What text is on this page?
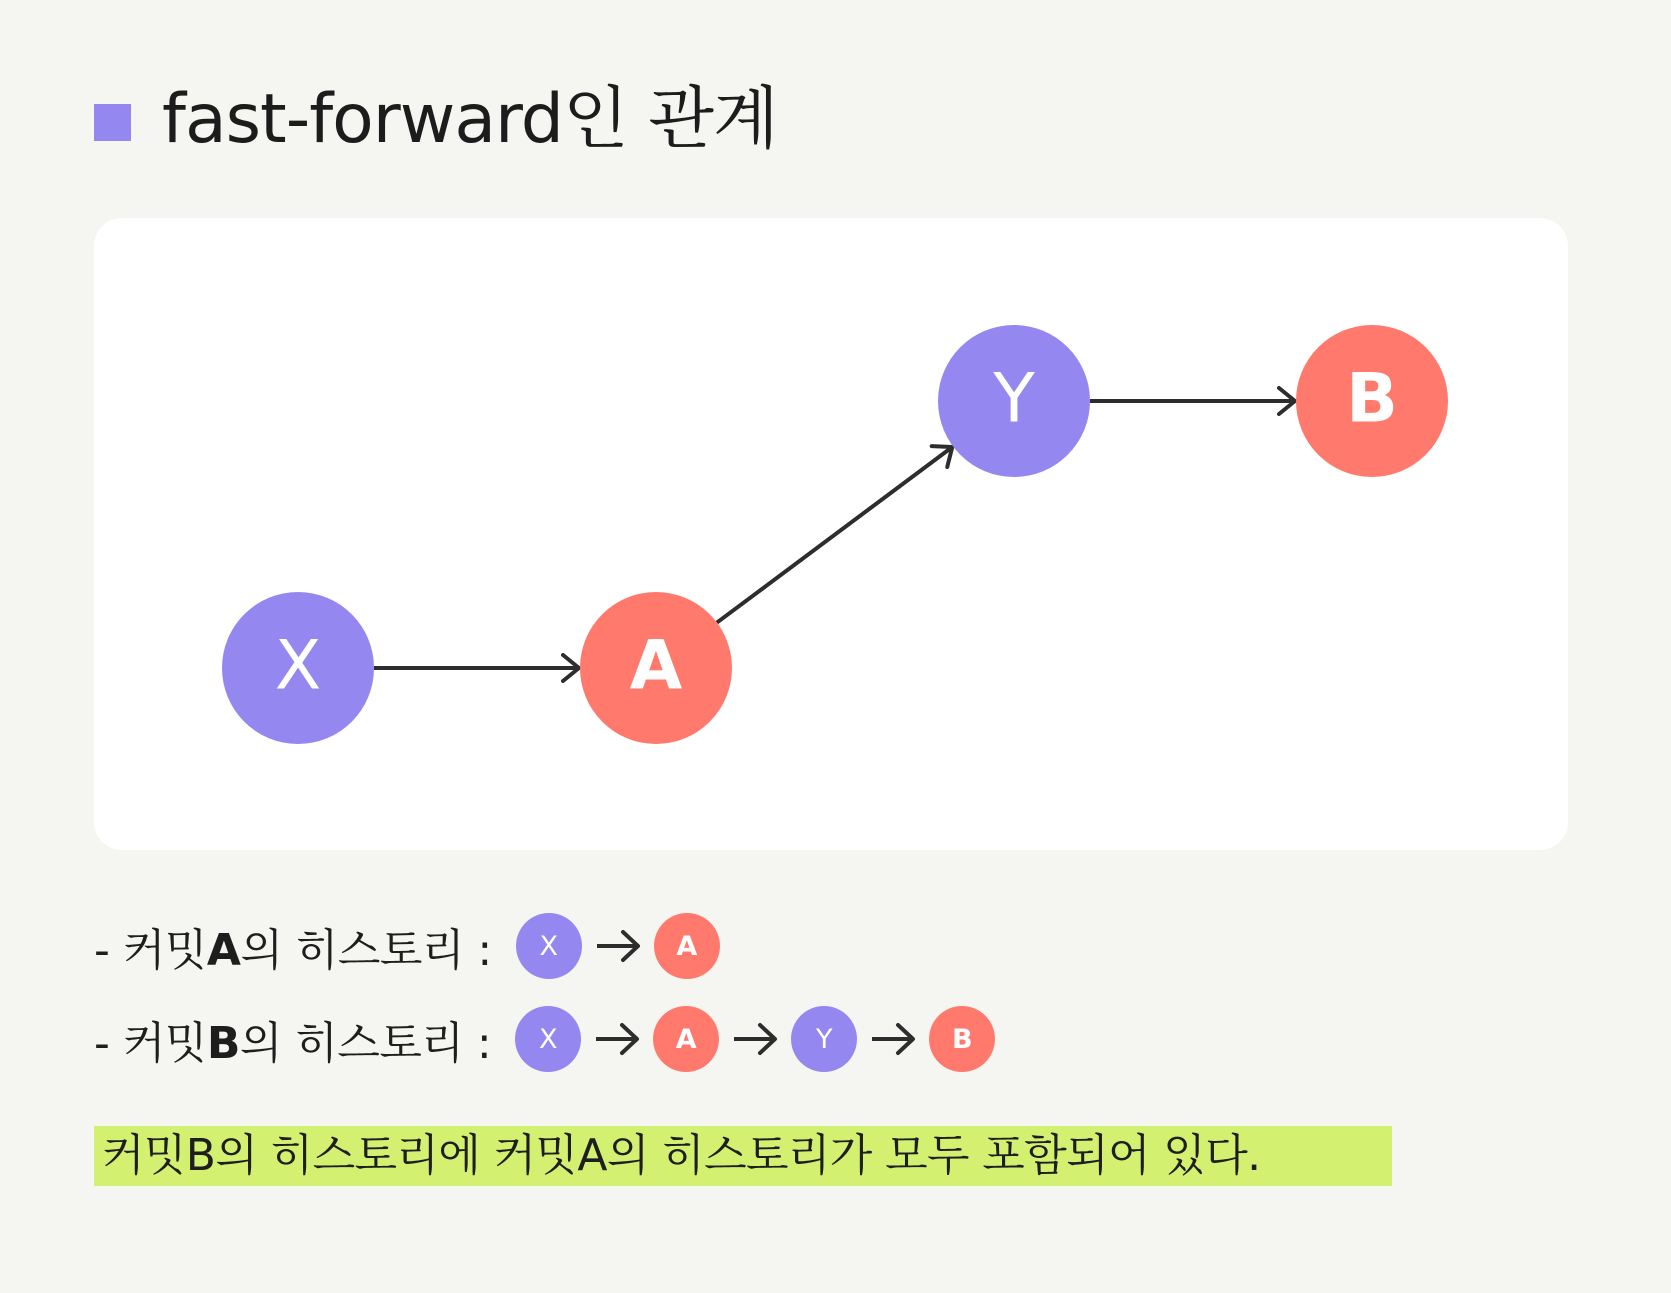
fast-forward인 관계
X	A
Y	B
- 커밋A의 히스토리 :	X	A
- 커밋B의 히스토리 :	X	A	Y	B
커밋B의 히스토리에 커밋A의 히스토리가 모두 포함되어 있다.
